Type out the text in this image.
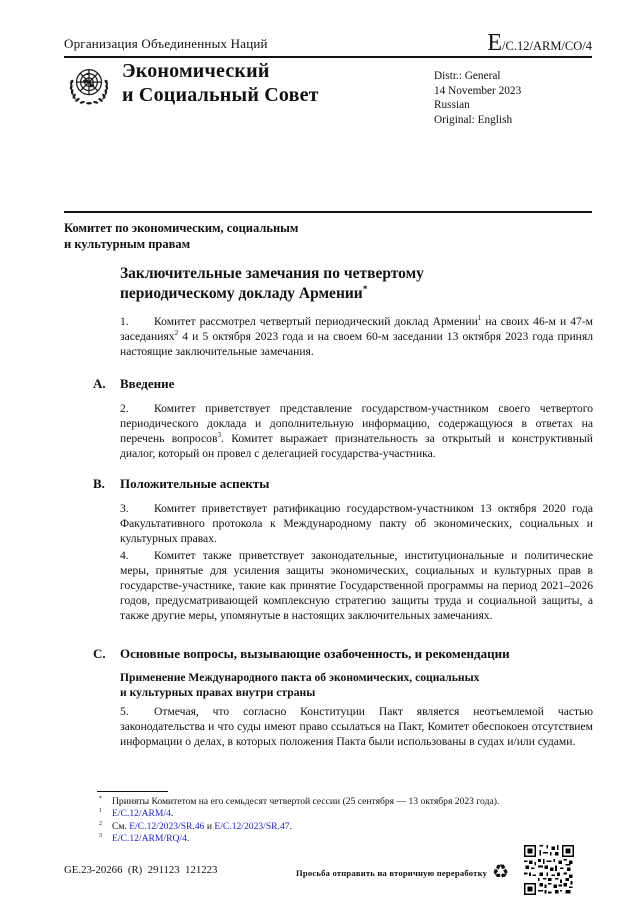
Организация Объединенных Наций	E/C.12/ARM/CO/4
Экономический
и Социальный Совет
Distr.: General
14 November 2023
Russian
Original: English
Комитет по экономическим, социальным
и культурным правам
Заключительные замечания по четвертому
периодическому докладу Армении*
1. Комитет рассмотрел четвертый периодический доклад Армении$^1$ на своих 46-м и 47-м заседаниях$^2$ 4 и 5 октября 2023 года и на своем 60-м заседании 13 октября 2023 года принял настоящие заключительные замечания.
A. Введение
2. Комитет приветствует представление государством-участником своего четвертого периодического доклада и дополнительную информацию, содержащуюся в ответах на перечень вопросов$^3$. Комитет выражает признательность за открытый и конструктивный диалог, который он провел с делегацией государства-участника.
B. Положительные аспекты
3. Комитет приветствует ратификацию государством-участником 13 октября 2020 года Факультативного протокола к Международному пакту об экономических, социальных и культурных правах.
4. Комитет также приветствует законодательные, институциональные и политические меры, принятые для усиления защиты экономических, социальных и культурных прав в государстве-участнике, такие как принятие Государственной программы на период 2021–2026 годов, предусматривающей комплексную стратегию защиты труда и социальной защиты, а также другие меры, упомянутые в настоящих заключительных замечаниях.
C. Основные вопросы, вызывающие озабоченность, и рекомендации
Применение Международного пакта об экономических, социальных
и культурных правах внутри страны
5. Отмечая, что согласно Конституции Пакт является неотъемлемой частью законодательства и что суды имеют право ссылаться на Пакт, Комитет обеспокоен отсутствием информации о делах, в которых положения Пакта были использованы в судах и/или судами.
* Приняты Комитетом на его семьдесят четвертой сессии (25 сентября — 13 октября 2023 года).
$^1$ E/C.12/ARM/4.
$^2$ См. E/C.12/2023/SR.46 и E/C.12/2023/SR.47.
$^3$ E/C.12/ARM/RQ/4.
GE.23-20266  (R)  291123  121223	Просьба отправить на вторичную переработку ♻
